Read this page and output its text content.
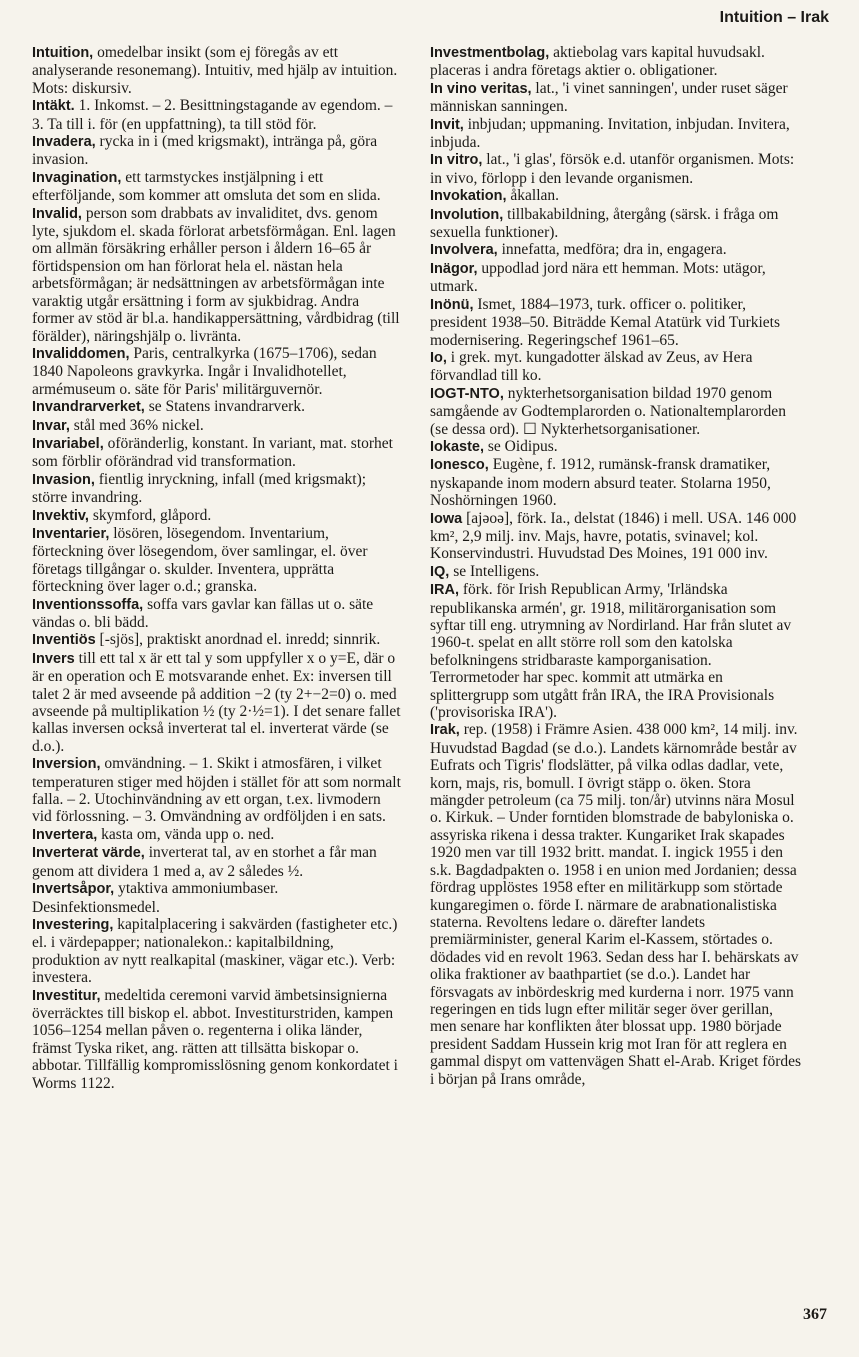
Intuition – Irak

Intuition, omedelbar insikt (som ej föregås av ett analyserande resonemang). Intuitiv, med hjälp av intuition. Mots: diskursiv.

Intäkt. 1. Inkomst. – 2. Besittningstagande av egendom. – 3. Ta till i. för (en uppfattning), ta till stöd för.

Invadera, rycka in i (med krigsmakt), intränga på, göra invasion.

Invagination, ett tarmstyckes instjälpning i ett efterföljande, som kommer att omsluta det som en slida.

Invalid, person som drabbats av invaliditet, dvs. genom lyte, sjukdom el. skada förlorat arbetsförmågan. Enl. lagen om allmän försäkring erhåller person i åldern 16–65 år förtidspension om han förlorat hela el. nästan hela arbetsförmågan; är nedsättningen av arbetsförmågan inte varaktig utgår ersättning i form av sjukbidrag. Andra former av stöd är bl.a. handikappersättning, vårdbidrag (till förälder), näringshjälp o. livränta.

Invaliddomen, Paris, centralkyrka (1675–1706), sedan 1840 Napoleons gravkyrka. Ingår i Invalidhotellet, armémuseum o. säte för Paris' militärguvernör.

Invandrarverket, se Statens invandrarverk.

Invar, stål med 36% nickel.

Invariabel, oföränderlig, konstant. In variant, mat. storhet som förblir oförändrad vid transformation.

Invasion, fientlig inryckning, infall (med krigsmakt); större invandring.

Invektiv, skymford, glåpord.

Inventarier, lösören, lösegendom. Inventarium, förteckning över lösegendom, över samlingar, el. över företags tillgångar o. skulder. Inventera, upprätta förteckning över lager o.d.; granska.

Inventionssoffa, soffa vars gavlar kan fällas ut o. säte vändas o. bli bädd.

Inventiös [-sjös], praktiskt anordnad el. inredd; sinnrik.

Invers till ett tal x är ett tal y som uppfyller x o y=E, där o är en operation och E motsvarande enhet. Ex: inversen till talet 2 är med avseende på addition −2 (ty 2+−2=0) o. med avseende på multiplikation ½ (ty 2·½=1). I det senare fallet kallas inversen också inverterat tal el. inverterat värde (se d.o.).

Inversion, omvändning. – 1. Skikt i atmosfären, i vilket temperaturen stiger med höjden i stället för att som normalt falla. – 2. Utochinvändning av ett organ, t.ex. livmodern vid förlossning. – 3. Omvändning av ordföljden i en sats.

Invertera, kasta om, vända upp o. ned.

Inverterat värde, inverterat tal, av en storhet a får man genom att dividera 1 med a, av 2 således ½.

Invertsåpor, ytaktiva ammoniumbaser. Desinfektionsmedel.

Investering, kapitalplacering i sakvärden (fastigheter etc.) el. i värdepapper; nationalekon.: kapitalbildning, produktion av nytt realkapital (maskiner, vägar etc.). Verb: investera.

Investitur, medeltida ceremoni varvid ämbetsinsignierna överräcktes till biskop el. abbot. Investiturstriden, kampen 1056–1254 mellan påven o. regenterna i olika länder, främst Tyska riket, ang. rätten att tillsätta biskopar o. abbotar. Tillfällig kompromisslösning genom konkordatet i Worms 1122.

Investmentbolag, aktiebolag vars kapital huvudsakl. placeras i andra företags aktier o. obligationer.

In vino veritas, lat., 'i vinet sanningen', under ruset säger människan sanningen.

Invit, inbjudan; uppmaning. Invitation, inbjudan. Invitera, inbjuda.

In vitro, lat., 'i glas', försök e.d. utanför organismen. Mots: in vivo, förlopp i den levande organismen.

Invokation, åkallan.

Involution, tillbakabildning, återgång (särsk. i fråga om sexuella funktioner).

Involvera, innefatta, medföra; dra in, engagera.

Inägor, uppodlad jord nära ett hemman. Mots: utägor, utmark.

Inönü, Ismet, 1884–1973, turk. officer o. politiker, president 1938–50. Biträdde Kemal Atatürk vid Turkiets modernisering. Regeringschef 1961–65.

Io, i grek. myt. kungadotter älskad av Zeus, av Hera förvandlad till ko.

IOGT-NTO, nykterhetsorganisation bildad 1970 genom samgående av Godtemplarorden o. Nationaltemplarorden (se dessa ord). ☐ Nykterhetsorganisationer.

Iokaste, se Oidipus.

Ionesco, Eugène, f. 1912, rumänsk-fransk dramatiker, nyskapande inom modern absurd teater. Stolarna 1950, Noshörningen 1960.

Iowa [ajəoə], förk. Ia., delstat (1846) i mell. USA. 146 000 km², 2,9 milj. inv. Majs, havre, potatis, svinavel; kol. Konservindustri. Huvudstad Des Moines, 191 000 inv.

IQ, se Intelligens.

IRA, förk. för Irish Republican Army, 'Irländska republikanska armén', gr. 1918, militärorganisation som syftar till eng. utrymning av Nordirland. Har från slutet av 1960-t. spelat en allt större roll som den katolska befolkningens stridbaraste kamporganisation. Terrormetoder har spec. kommit att utmärka en splittergrupp som utgått från IRA, the IRA Provisionals ('provisoriska IRA').

Irak, rep. (1958) i Främre Asien. 438 000 km², 14 milj. inv. Huvudstad Bagdad (se d.o.). Landets kärnområde består av Eufrats och Tigris' flodslätter, på vilka odlas dadlar, vete, korn, majs, ris, bomull. I övrigt stäpp o. öken. Stora mängder petroleum (ca 75 milj. ton/år) utvinns nära Mosul o. Kirkuk. – Under forntiden blomstrade de babyloniska o. assyriska rikena i dessa trakter. Kungariket Irak skapades 1920 men var till 1932 britt. mandat. I. ingick 1955 i den s.k. Bagdadpakten o. 1958 i en union med Jordanien; dessa fördrag upplöstes 1958 efter en militärkupp som störtade kungaregimen o. förde I. närmare de arabnationalistiska staterna. Revoltens ledare o. därefter landets premiärminister, general Karim el-Kassem, störtades o. dödades vid en revolt 1963. Sedan dess har I. behärskats av olika fraktioner av baathpartiet (se d.o.). Landet har försvagats av inbördeskrig med kurderna i norr. 1975 vann regeringen en tids lugn efter militär seger över gerillan, men senare har konflikten åter blossat upp. 1980 började president Saddam Hussein krig mot Iran för att reglera en gammal dispyt om vattenvägen Shatt el-Arab. Kriget fördes i början på Irans område,

367
